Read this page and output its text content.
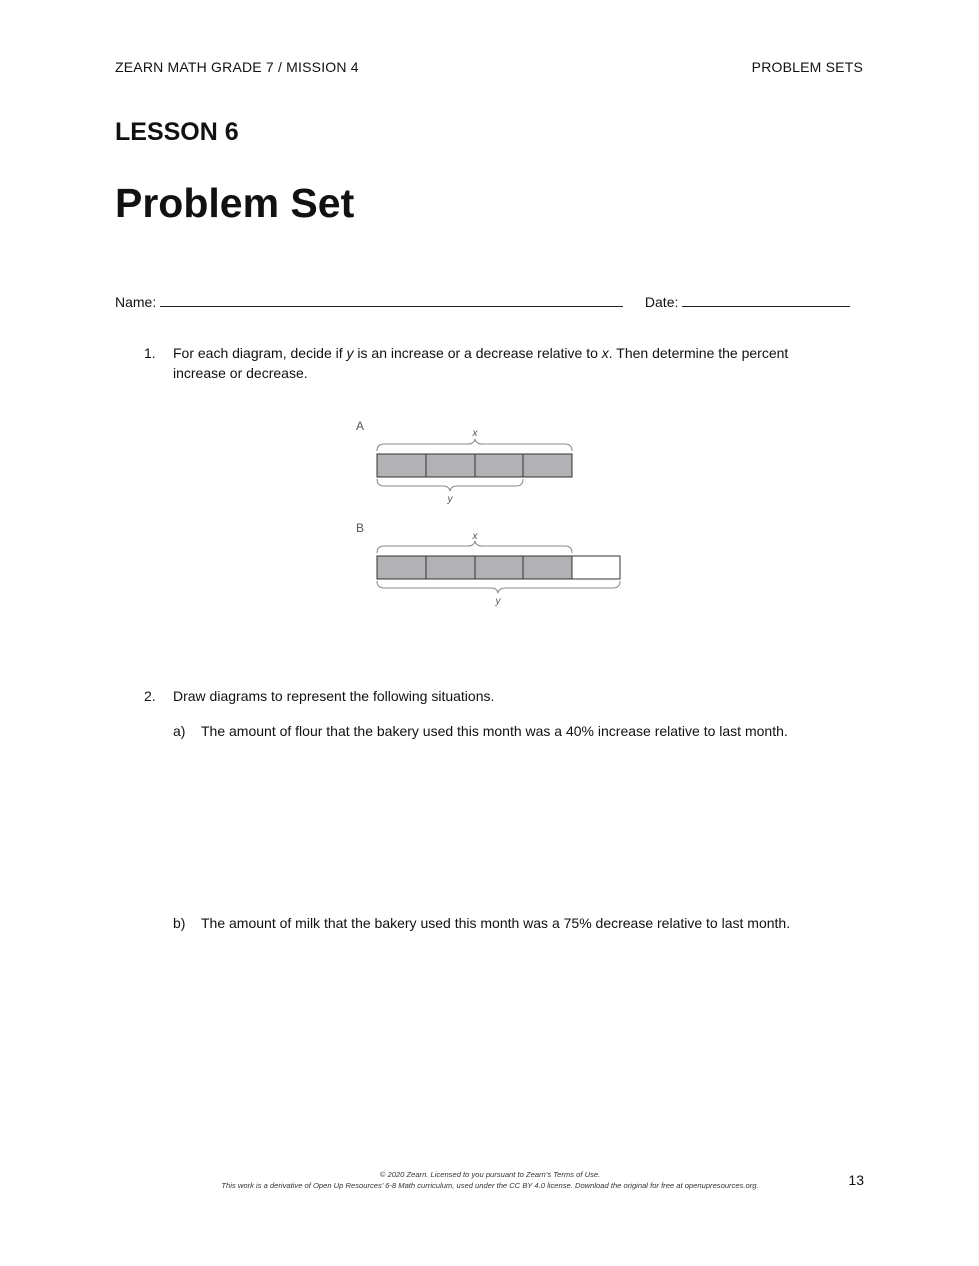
ZEARN MATH GRADE 7 / MISSION 4	PROBLEM SETS
LESSON 6
Problem Set
Name:	Date:
1. For each diagram, decide if y is an increase or a decrease relative to x. Then determine the percent increase or decrease.
A
x
y
B
x
y
2. Draw diagrams to represent the following situations.
a) The amount of flour that the bakery used this month was a 40% increase relative to last month.
b) The amount of milk that the bakery used this month was a 75% decrease relative to last month.
© 2020 Zearn. Licensed to you pursuant to Zearn’s Terms of Use.
This work is a derivative of Open Up Resources’ 6-8 Math curriculum, used under the CC BY 4.0 license. Download the original for free at openupresources.org.	13
